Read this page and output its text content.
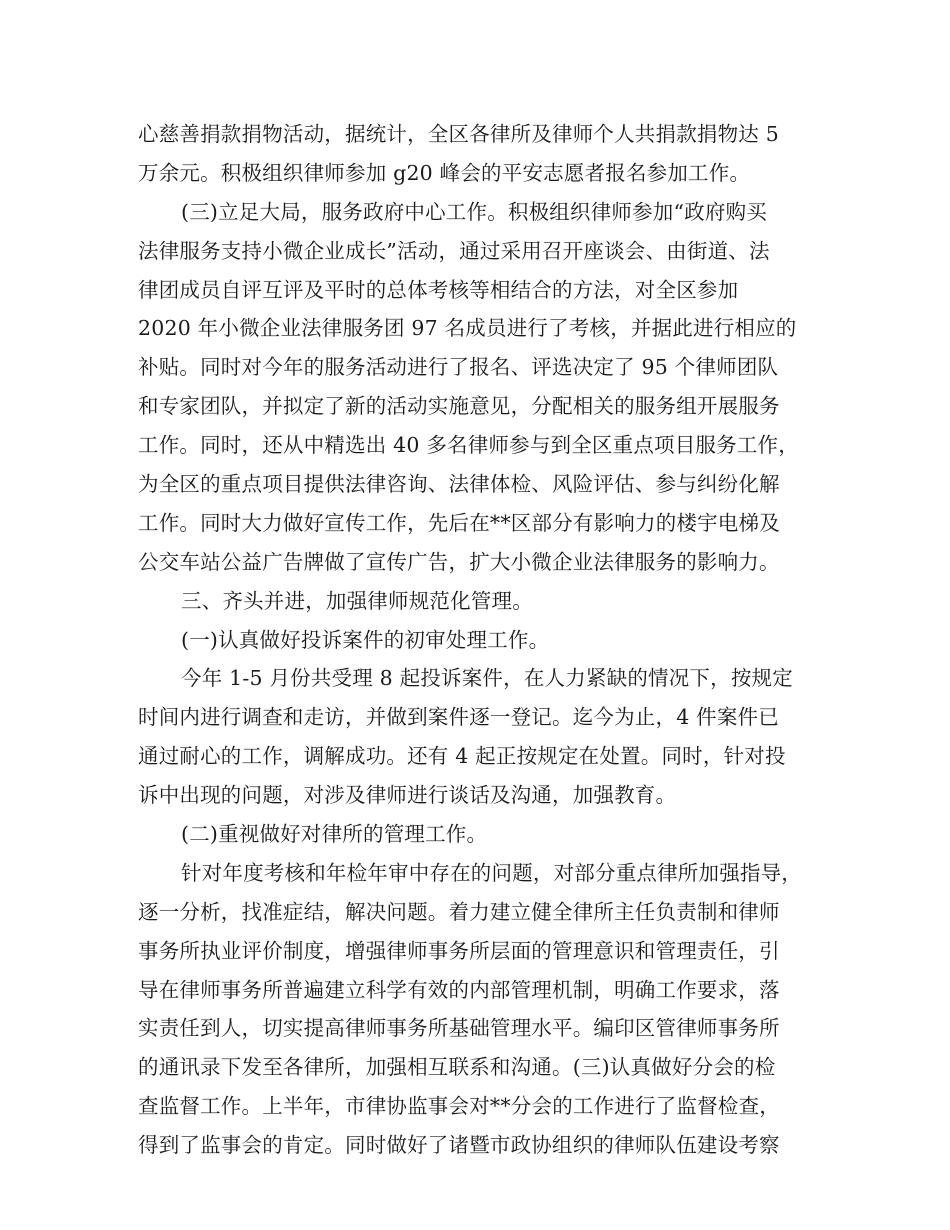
心慈善捐款捐物活动，据统计，全区各律所及律师个人共捐款捐物达 5
万余元。积极组织律师参加 g20 峰会的平安志愿者报名参加工作。
(三)立足大局，服务政府中心工作。积极组织律师参加“政府购买
法律服务支持小微企业成长”活动，通过采用召开座谈会、由街道、法
律团成员自评互评及平时的总体考核等相结合的方法，对全区参加
2020 年小微企业法律服务团 97 名成员进行了考核，并据此进行相应的
补贴。同时对今年的服务活动进行了报名、评选决定了 95 个律师团队
和专家团队，并拟定了新的活动实施意见，分配相关的服务组开展服务
工作。同时，还从中精选出 40 多名律师参与到全区重点项目服务工作，
为全区的重点项目提供法律咨询、法律体检、风险评估、参与纠纷化解
工作。同时大力做好宣传工作，先后在**区部分有影响力的楼宇电梯及
公交车站公益广告牌做了宣传广告，扩大小微企业法律服务的影响力。
三、齐头并进，加强律师规范化管理。
(一)认真做好投诉案件的初审处理工作。
今年 1-5 月份共受理 8 起投诉案件，在人力紧缺的情况下，按规定
时间内进行调查和走访，并做到案件逐一登记。迄今为止，4 件案件已
通过耐心的工作，调解成功。还有 4 起正按规定在处置。同时，针对投
诉中出现的问题，对涉及律师进行谈话及沟通，加强教育。
(二)重视做好对律所的管理工作。
针对年度考核和年检年审中存在的问题，对部分重点律所加强指导，
逐一分析，找准症结，解决问题。着力建立健全律所主任负责制和律师
事务所执业评价制度，增强律师事务所层面的管理意识和管理责任，引
导在律师事务所普遍建立科学有效的内部管理机制，明确工作要求，落
实责任到人，切实提高律师事务所基础管理水平。编印区管律师事务所
的通讯录下发至各律所，加强相互联系和沟通。(三)认真做好分会的检
查监督工作。上半年，市律协监事会对**分会的工作进行了监督检查，
得到了监事会的肯定。同时做好了诸暨市政协组织的律师队伍建设考察
